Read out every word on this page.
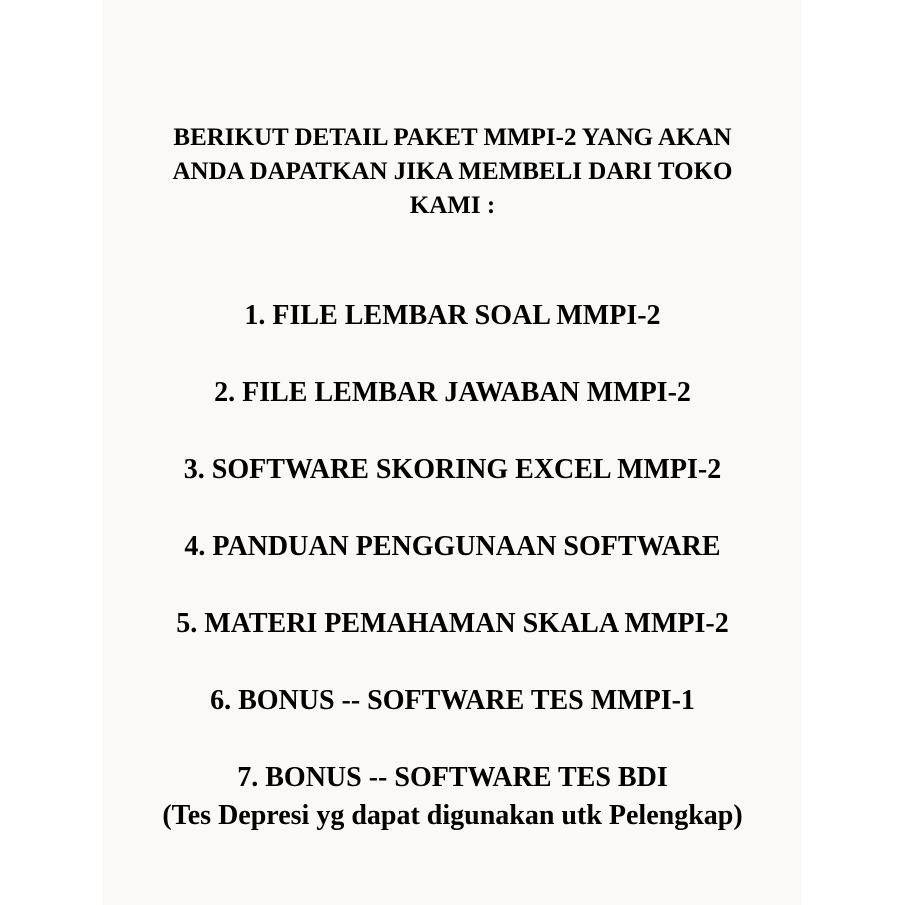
BERIKUT DETAIL PAKET MMPI-2 YANG AKAN
ANDA DAPATKAN JIKA MEMBELI DARI TOKO
KAMI :
1. FILE LEMBAR SOAL MMPI-2
2. FILE LEMBAR JAWABAN MMPI-2
3. SOFTWARE SKORING EXCEL MMPI-2
4. PANDUAN PENGGUNAAN SOFTWARE
5. MATERI PEMAHAMAN SKALA MMPI-2
6. BONUS -- SOFTWARE TES MMPI-1
7. BONUS -- SOFTWARE TES BDI
(Tes Depresi yg dapat digunakan utk Pelengkap)
